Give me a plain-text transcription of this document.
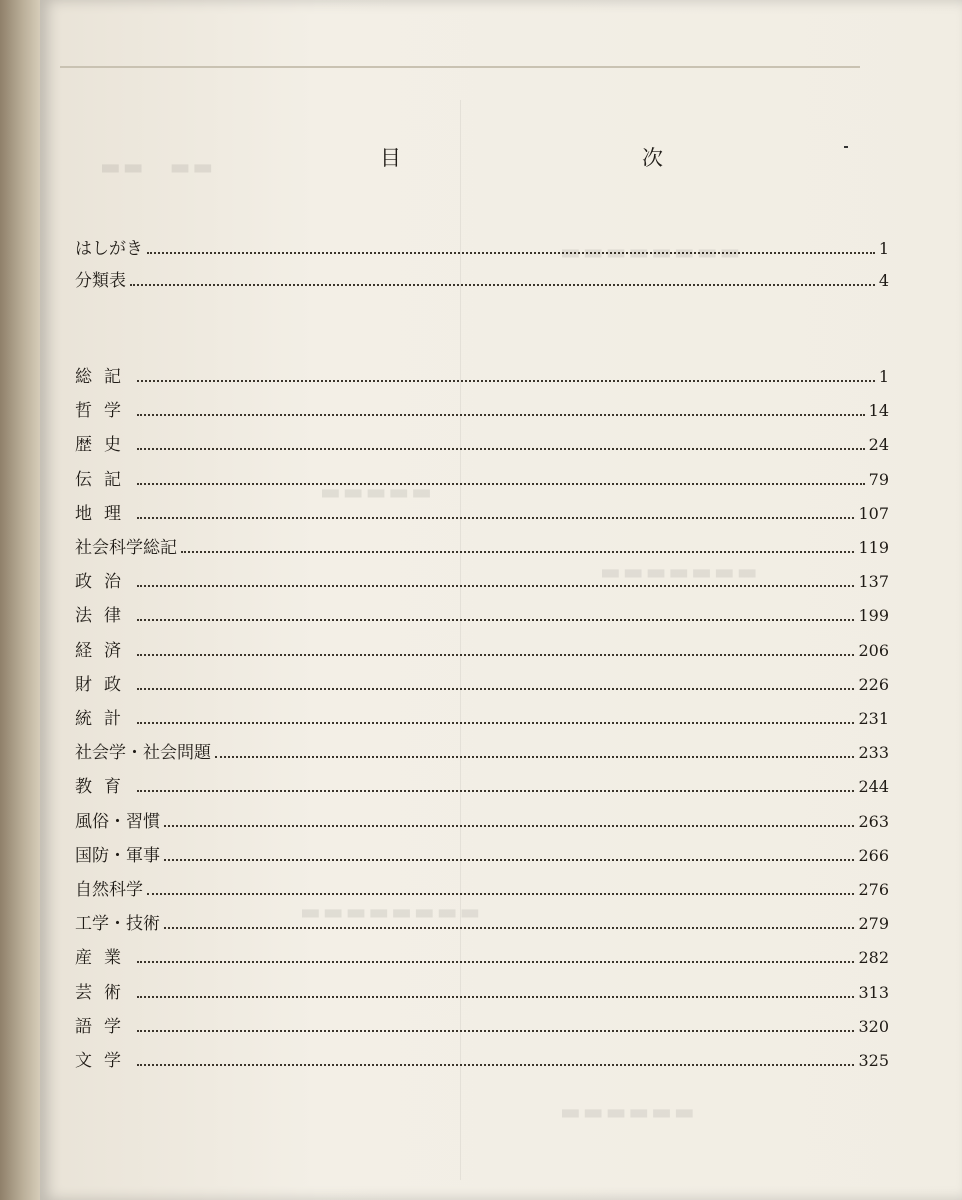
▬▬　▬▬
▬▬▬▬▬▬▬▬
▬▬▬▬▬
▬▬▬▬▬▬▬
▬▬▬▬▬▬▬▬
▬▬▬▬▬▬
目　次
はしがき	1
分類表	4
総記	1
哲学	14
歴史	24
伝記	79
地理	107
社会科学総記	119
政治	137
法律	199
経済	206
財政	226
統計	231
社会学・社会問題	233
教育	244
風俗・習慣	263
国防・軍事	266
自然科学	276
工学・技術	279
産業	282
芸術	313
語学	320
文学	325
